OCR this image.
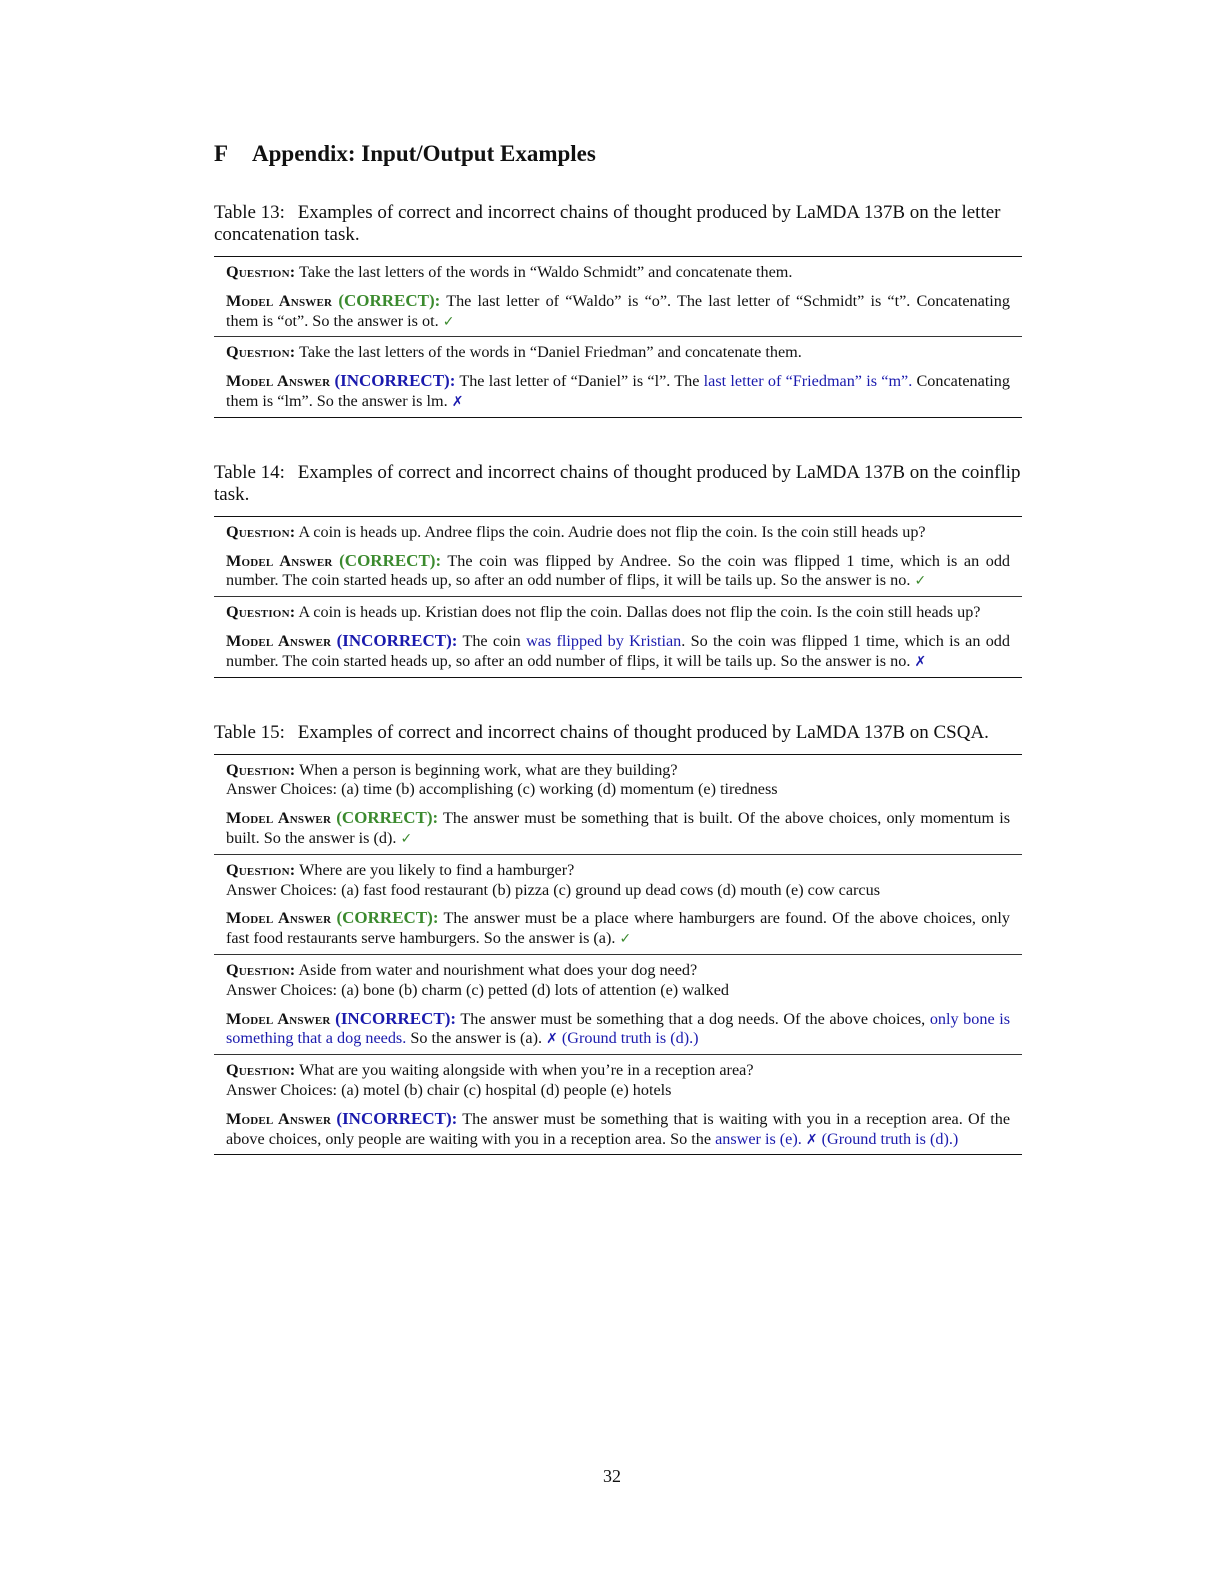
F Appendix: Input/Output Examples
Table 13: Examples of correct and incorrect chains of thought produced by LaMDA 137B on the letter concatenation task.

Question: Take the last letters of the words in “Waldo Schmidt” and concatenate them.

Model Answer (CORRECT): The last letter of “Waldo” is “o”. The last letter of “Schmidt” is “t”. Concatenating them is “ot”. So the answer is ot. ✓

Question: Take the last letters of the words in “Daniel Friedman” and concatenate them.

Model Answer (INCORRECT): The last letter of “Daniel” is “l”. The last letter of “Friedman” is “m”. Concatenating them is “lm”. So the answer is lm. ✗

Table 14: Examples of correct and incorrect chains of thought produced by LaMDA 137B on the coinflip task.

Question: A coin is heads up. Andree flips the coin. Audrie does not flip the coin. Is the coin still heads up?

Model Answer (CORRECT): The coin was flipped by Andree. So the coin was flipped 1 time, which is an odd number. The coin started heads up, so after an odd number of flips, it will be tails up. So the answer is no. ✓

Question: A coin is heads up. Kristian does not flip the coin. Dallas does not flip the coin. Is the coin still heads up?

Model Answer (INCORRECT): The coin was flipped by Kristian. So the coin was flipped 1 time, which is an odd number. The coin started heads up, so after an odd number of flips, it will be tails up. So the answer is no. ✗

Table 15: Examples of correct and incorrect chains of thought produced by LaMDA 137B on CSQA.

Question: When a person is beginning work, what are they building?
Answer Choices: (a) time (b) accomplishing (c) working (d) momentum (e) tiredness

Model Answer (CORRECT): The answer must be something that is built. Of the above choices, only momentum is built. So the answer is (d). ✓

Question: Where are you likely to find a hamburger?
Answer Choices: (a) fast food restaurant (b) pizza (c) ground up dead cows (d) mouth (e) cow carcus

Model Answer (CORRECT): The answer must be a place where hamburgers are found. Of the above choices, only fast food restaurants serve hamburgers. So the answer is (a). ✓

Question: Aside from water and nourishment what does your dog need?
Answer Choices: (a) bone (b) charm (c) petted (d) lots of attention (e) walked

Model Answer (INCORRECT): The answer must be something that a dog needs. Of the above choices, only bone is something that a dog needs. So the answer is (a). ✗ (Ground truth is (d).)

Question: What are you waiting alongside with when you’re in a reception area?
Answer Choices: (a) motel (b) chair (c) hospital (d) people (e) hotels

Model Answer (INCORRECT): The answer must be something that is waiting with you in a reception area. Of the above choices, only people are waiting with you in a reception area. So the answer is (e). ✗ (Ground truth is (d).)

32
